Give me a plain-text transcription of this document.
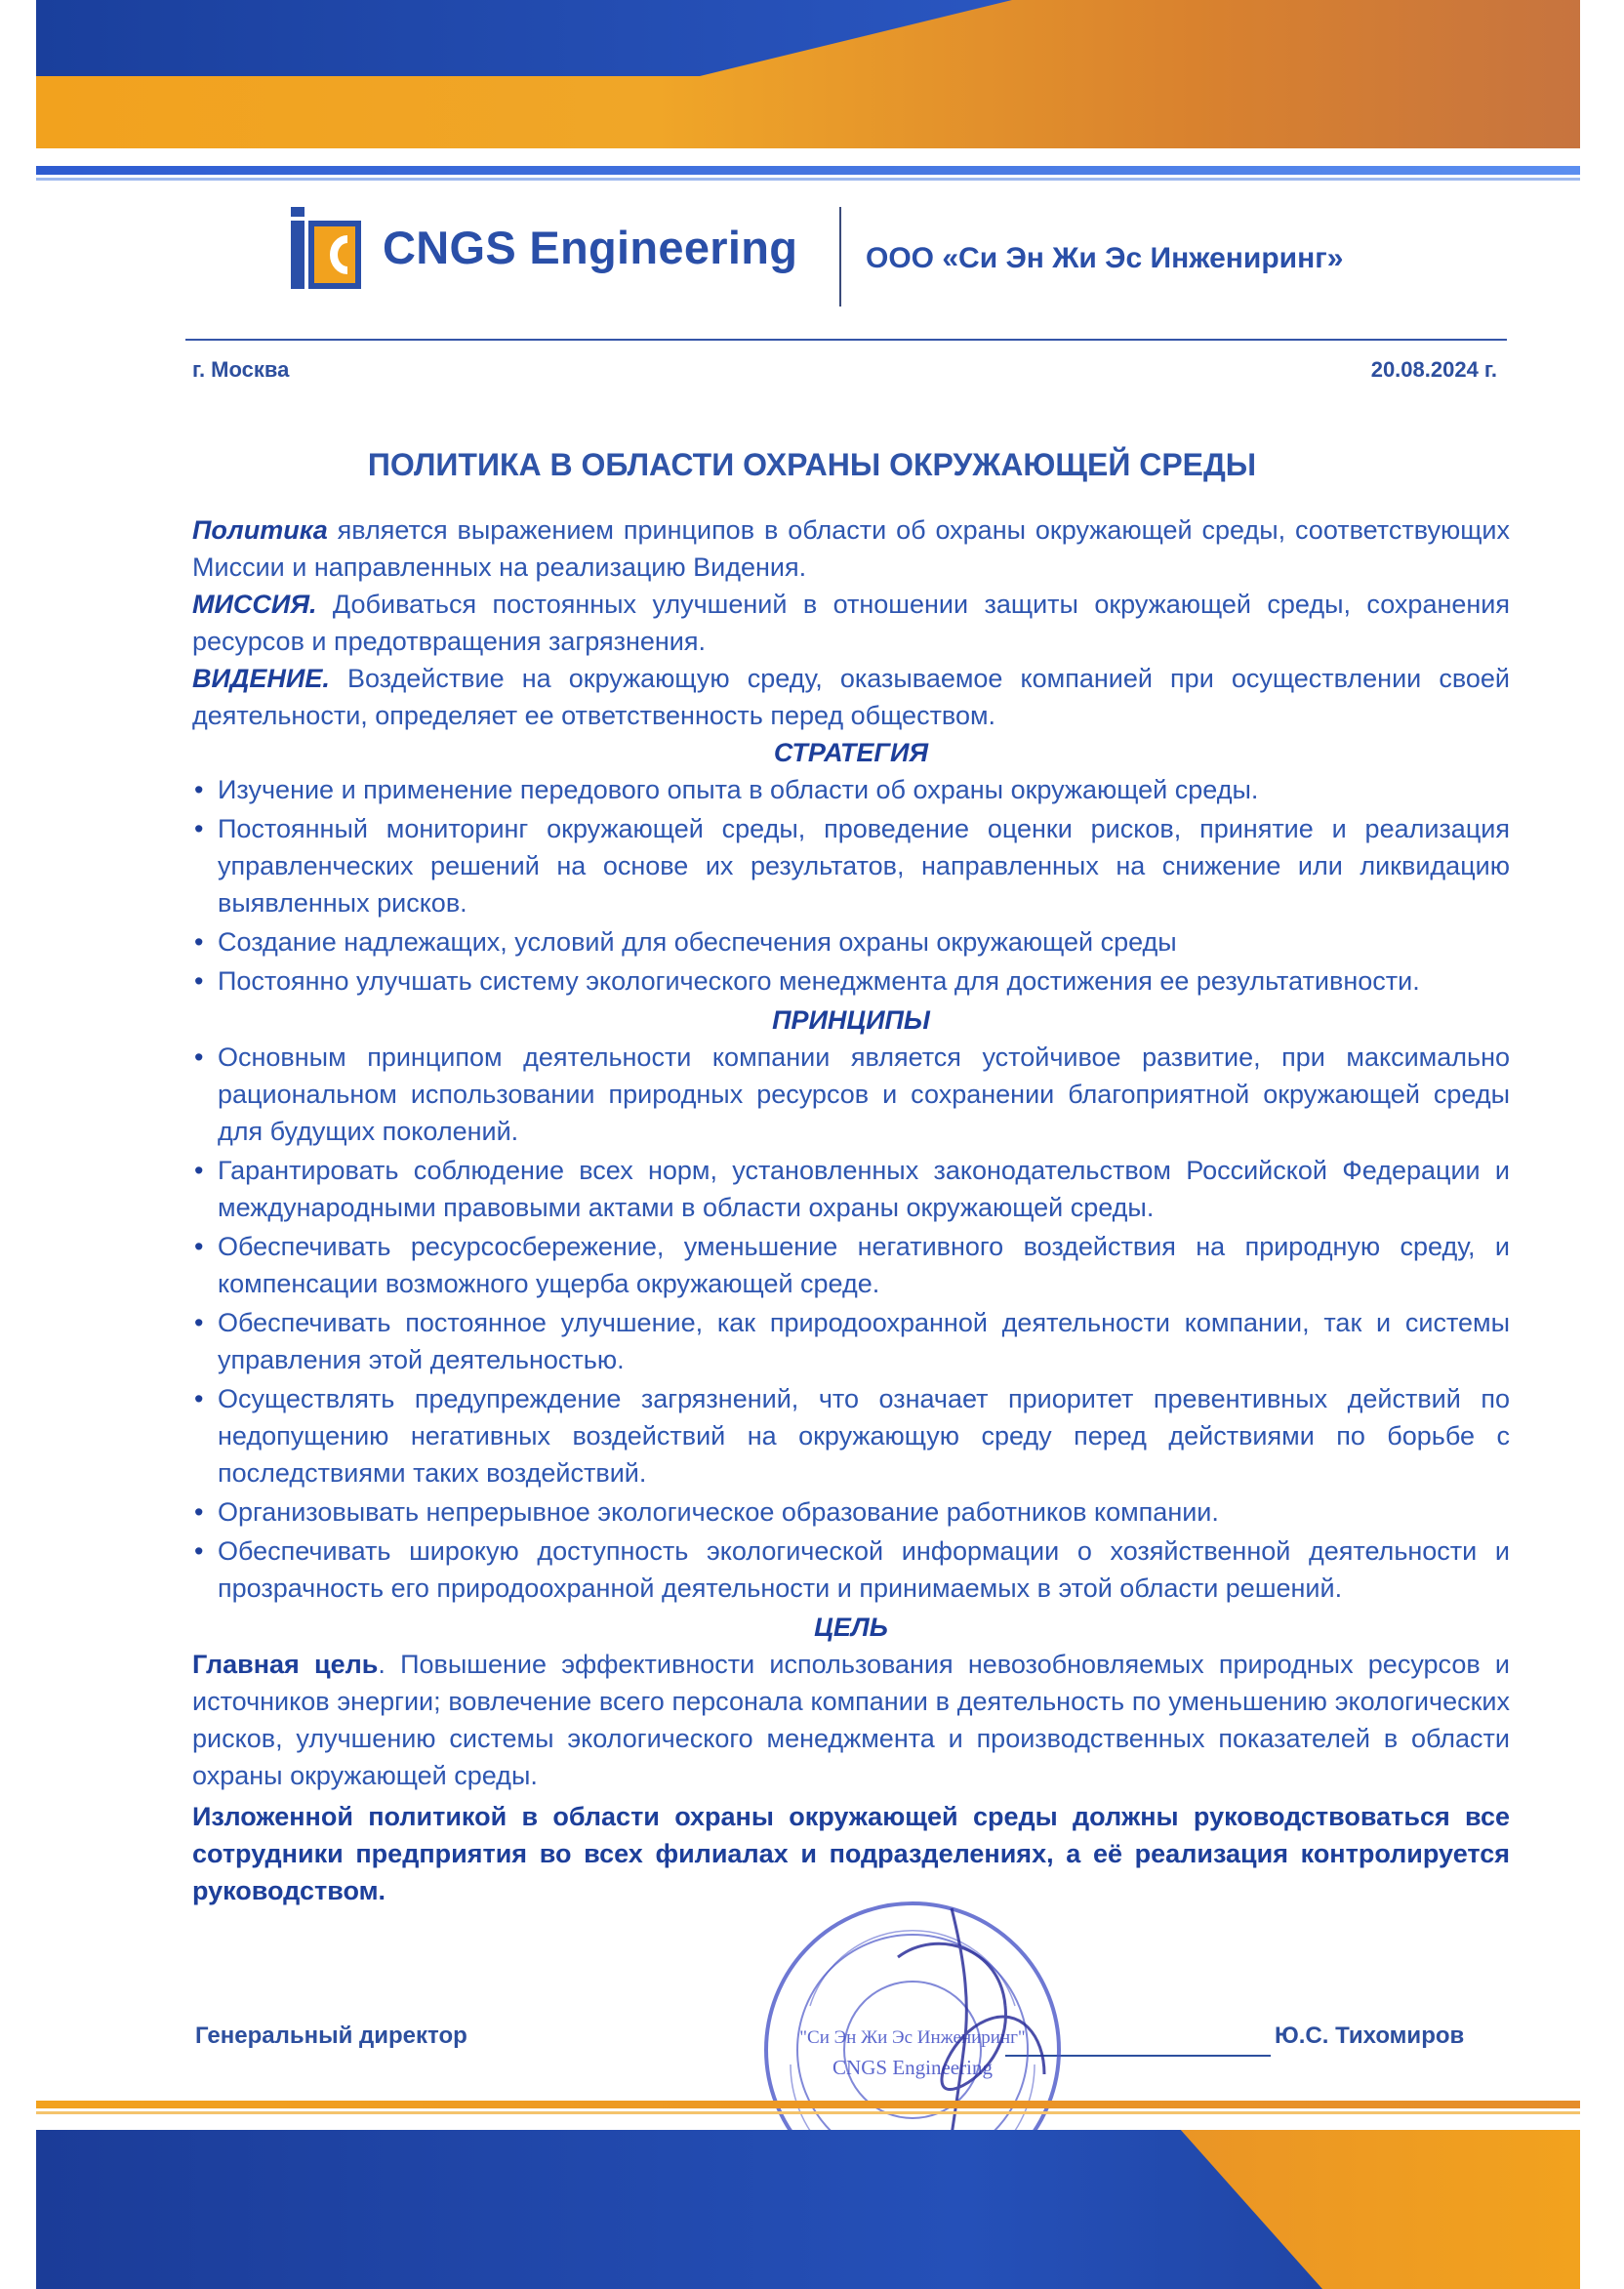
CNGS Engineering ООО «Си Эн Жи Эс Инжениринг»
г. Москва	20.08.2024 г.
ПОЛИТИКА В ОБЛАСТИ ОХРАНЫ ОКРУЖАЮЩЕЙ СРЕДЫ

Политика является выражением принципов в области об охраны окружающей среды, соответствующих Миссии и направленных на реализацию Видения.

МИССИЯ. Добиваться постоянных улучшений в отношении защиты окружающей среды, сохранения ресурсов и предотвращения загрязнения.

ВИДЕНИЕ. Воздействие на окружающую среду, оказываемое компанией при осуществлении своей деятельности, определяет ее ответственность перед обществом.

СТРАТЕГИЯ

• Изучение и применение передового опыта в области об охраны окружающей среды.
• Постоянный мониторинг окружающей среды, проведение оценки рисков, принятие и реализация управленческих решений на основе их результатов, направленных на снижение или ликвидацию выявленных рисков.
• Создание надлежащих, условий для обеспечения охраны окружающей среды
• Постоянно улучшать систему экологического менеджмента для достижения ее результативности.

ПРИНЦИПЫ

• Основным принципом деятельности компании является устойчивое развитие, при максимально рациональном использовании природных ресурсов и сохранении благоприятной окружающей среды для будущих поколений.
• Гарантировать соблюдение всех норм, установленных законодательством Российской Федерации и международными правовыми актами в области охраны окружающей среды.
• Обеспечивать ресурсосбережение, уменьшение негативного воздействия на природную среду, и компенсации возможного ущерба окружающей среде.
• Обеспечивать постоянное улучшение, как природоохранной деятельности компании, так и системы управления этой деятельностью.
• Осуществлять предупреждение загрязнений, что означает приоритет превентивных действий по недопущению негативных воздействий на окружающую среду перед действиями по борьбе с последствиями таких воздействий.
• Организовывать непрерывное экологическое образование работников компании.
• Обеспечивать широкую доступность экологической информации о хозяйственной деятельности и прозрачность его природоохранной деятельности и принимаемых в этой области решений.

ЦЕЛЬ

Главная цель. Повышение эффективности использования невозобновляемых природных ресурсов и источников энергии; вовлечение всего персонала компании в деятельность по уменьшению экологических рисков, улучшению системы экологического менеджмента и производственных показателей в области охраны окружающей среды.

Изложенной политикой в области охраны окружающей среды должны руководствоваться все сотрудники предприятия во всех филиалах и подразделениях, а её реализация контролируется руководством.

Генеральный директор	Ю.С. Тихомиров
"Си Эн Жи Эс Инжениринг"
CNGS Engineering
